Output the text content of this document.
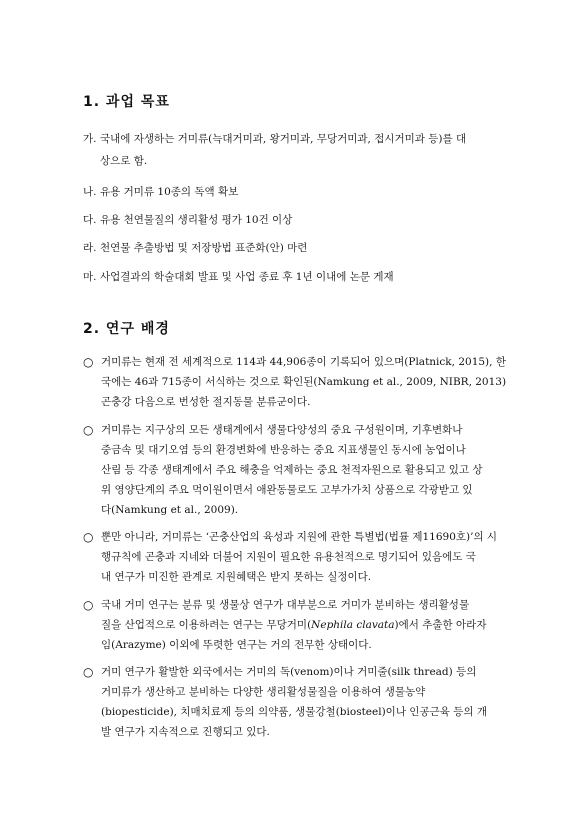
1. 과업 목표
가. 국내에 자생하는 거미류(늑대거미과, 왕거미과, 무당거미과, 접시거미과 등)를 대
상으로 함.
나. 유용 거미류 10종의 독액 확보
다. 유용 천연물질의 생리활성 평가 10건 이상
라. 천연물 추출방법 및 저장방법 표준화(안) 마련
마. 사업결과의 학술대회 발표 및 사업 종료 후 1년 이내에 논문 게재
2. 연구 배경
○ 거미류는 현재 전 세계적으로 114과 44,906종이 기록되어 있으며(Platnick, 2015), 한
국에는 46과 715종이 서식하는 것으로 확인된(Namkung et al., 2009, NIBR, 2013)
곤충강 다음으로 번성한 절지동물 분류군이다.
○ 거미류는 지구상의 모든 생태계에서 생물다양성의 중요 구성원이며, 기후변화나
중금속 및 대기오염 등의 환경변화에 반응하는 중요 지표생물인 동시에 농업이나
산림 등 각종 생태계에서 주요 해충을 억제하는 중요 천적자원으로 활용되고 있고 상
위 영양단계의 주요 먹이원이면서 애완동물로도 고부가가치 상품으로 각광받고 있
다(Namkung et al., 2009).
○ 뿐만 아니라, 거미류는 ‘곤충산업의 육성과 지원에 관한 특별법(법률 제11690호)’의 시
행규칙에 곤충과 지네와 더불어 지원이 필요한 유용천적으로 명기되어 있음에도 국
내 연구가 미진한 관계로 지원혜택은 받지 못하는 실정이다.
○ 국내 거미 연구는 분류 및 생물상 연구가 대부분으로 거미가 분비하는 생리활성물
질을 산업적으로 이용하려는 연구는 무당거미(Nephila clavata)에서 추출한 아라자
임(Arazyme) 이외에 뚜렷한 연구는 거의 전무한 상태이다.
○ 거미 연구가 활발한 외국에서는 거미의 독(venom)이나 거미줄(silk thread) 등의
거미류가 생산하고 분비하는 다양한 생리활성물질을 이용하여 생물농약
(biopesticide), 치매치료제 등의 의약품, 생물강철(biosteel)이나 인공근육 등의 개
발 연구가 지속적으로 진행되고 있다.
